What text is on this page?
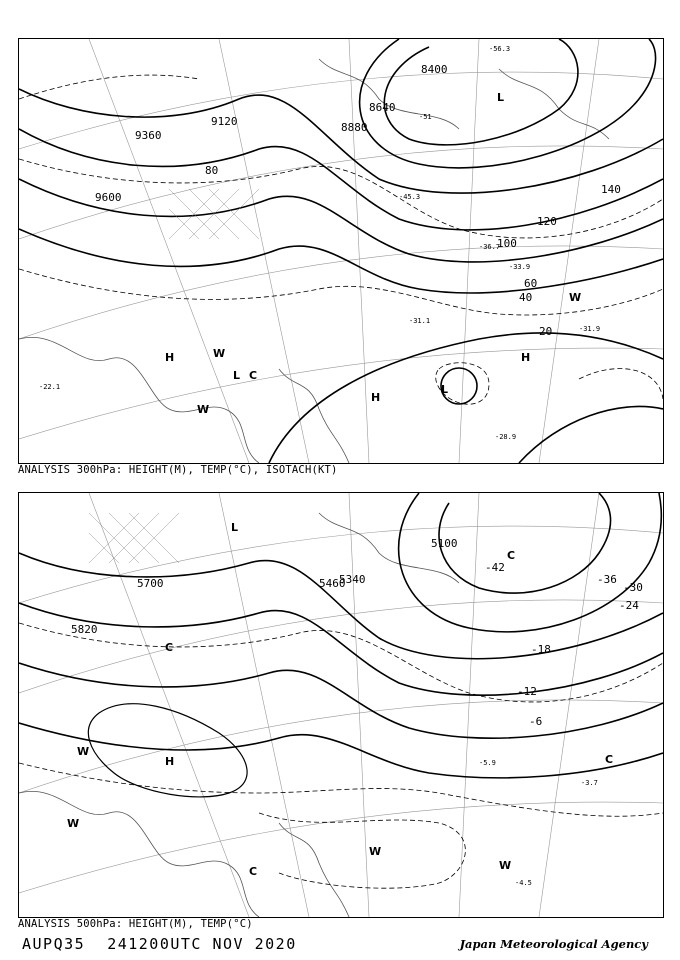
8400
8640
8880
9120
9360
9600
20
40
60
80
100
120
140
-56.3
-51
-45.3
-36.7
-33.9
-31.9
-31.1
-28.9
-22.1
L
H
H
H
L
L
C
W
W
W
ANALYSIS 300hPa: HEIGHT(M), TEMP(°C), ISOTACH(KT)
5100
5340
5460
5700
5820
-42
-36
-30
-24
-18
-12
-6
-5.9
-4.5
-3.7
L
H
C
C
C
C
W
W
W
W
ANALYSIS 500hPa: HEIGHT(M), TEMP(°C)
AUPQ35 241200UTC NOV 2020	Japan Meteorological Agency
